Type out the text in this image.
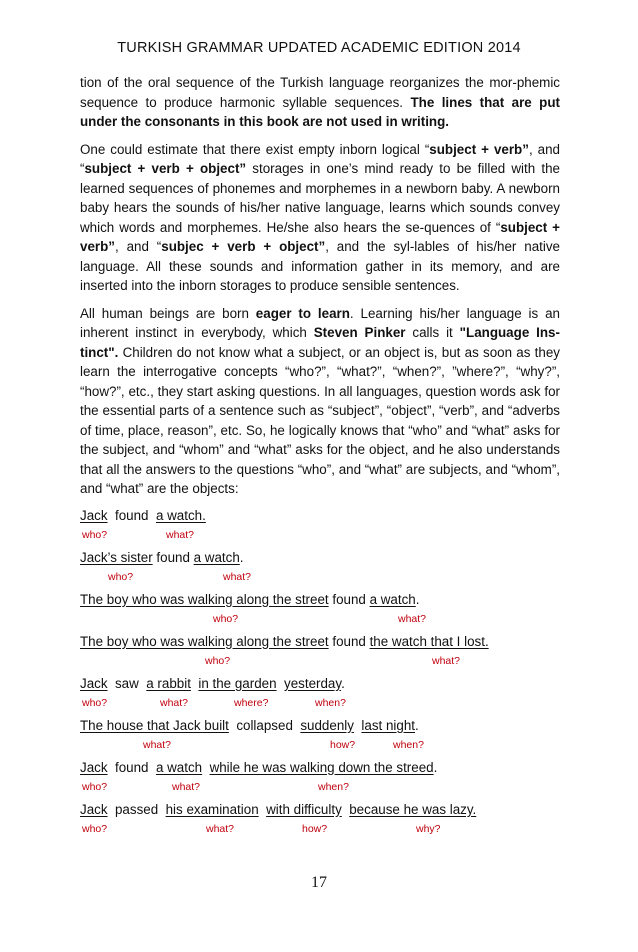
TURKISH GRAMMAR UPDATED ACADEMIC EDITION 2014

tion of the oral sequence of the Turkish language reorganizes the mor-phemic sequence to produce harmonic syllable sequences. The lines that are put under the consonants in this book are not used in writing.

One could estimate that there exist empty inborn logical “subject + verb”, and “subject + verb + object” storages in one’s mind ready to be filled with the learned sequences of phonemes and morphemes in a newborn baby. A newborn baby hears the sounds of his/her native language, learns which sounds convey which words and morphemes. He/she also hears the se-quences of “subject + verb”, and “subjec + verb + object”, and the syl-lables of his/her native language. All these sounds and information gather in its memory, and are inserted into the inborn storages to produce sensible sentences.

All human beings are born eager to learn. Learning his/her language is an inherent instinct in everybody, which Steven Pinker calls it "Language Ins-tinct". Children do not know what a subject, or an object is, but as soon as they learn the interrogative concepts “who?”, “what?”, “when?”, ”where?”, “why?”, “how?”, etc., they start asking questions. In all languages, question words ask for the essential parts of a sentence such as “subject”, “object”, “verb”, and “adverbs of time, place, reason”, etc. So, he logically knows that “who” and “what” asks for the subject, and “whom” and “what” asks for the object, and he also understands that all the answers to the questions “who”, and “what” are subjects, and “whom”, and “what” are the objects:

Jack  found  a watch.
who?	what?
Jack’s sister found a watch.
who?	what?
The boy who was walking along the street found a watch.
who?	what?
The boy who was walking along the street found the watch that I lost.
who?	what?
Jack  saw  a rabbit in the garden yesterday.
who?	what?	where?	when?
The house that Jack built  collapsed  suddenly last night.
what?	how?	when?
Jack  found  a watch while he was walking down the streed.
who?	what?	when?
Jack  passed  his examination with difficulty because he was lazy.
who?	what?	how?	why?
17
